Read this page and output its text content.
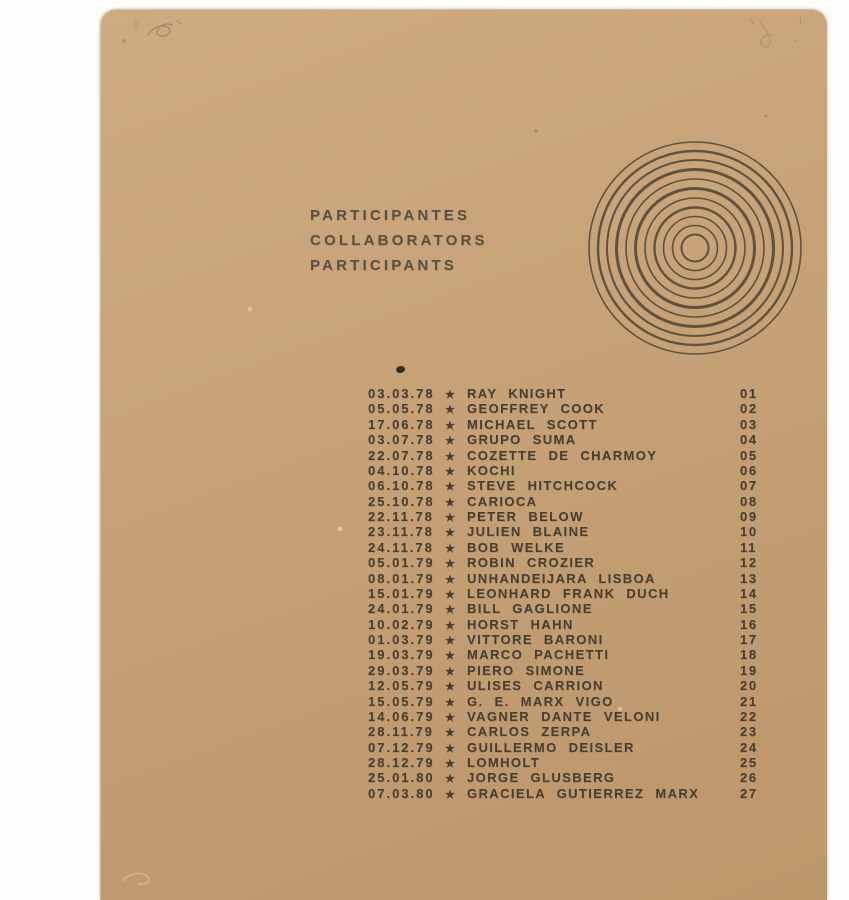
PARTICIPANTES
COLLABORATORS
PARTICIPANTS
03.03.78 ★ RAY KNIGHT	01
05.05.78 ★ GEOFFREY COOK	02
17.06.78 ★ MICHAEL SCOTT	03
03.07.78 ★ GRUPO SUMA	04
22.07.78 ★ COZETTE DE CHARMOY	05
04.10.78 ★ KOCHI	06
06.10.78 ★ STEVE HITCHCOCK	07
25.10.78 ★ CARIOCA	08
22.11.78	★ PETER BELOW	09
23.11.78	★ JULIEN BLAINE	10
24.11.78	★ BOB WELKE	11
05.01.79 ★ ROBIN CROZIER	12
08.01.79 ★ UNHANDEIJARA LISBOA	13
15.01.79 ★ LEONHARD FRANK DUCH	14
24.01.79 ★ BILL GAGLIONE	15
10.02.79 ★ HORST HAHN	16
01.03.79 ★ VITTORE BARONI	17
19.03.79 ★ MARCO PACHETTI	18
29.03.79 ★ PIERO SIMONE	19
12.05.79 ★ ULISES CARRION	20
15.05.79 ★ G. E. MARX VIGO	21
14.06.79 ★ VAGNER DANTE VELONI	22
28.11.79	★ CARLOS ZERPA	23
07.12.79 ★ GUILLERMO DEISLER	24
28.12.79 ★ LOMHOLT	25
25.01.80 ★ JORGE GLUSBERG	26
07.03.80 ★ GRACIELA GUTIERREZ MARX	27
